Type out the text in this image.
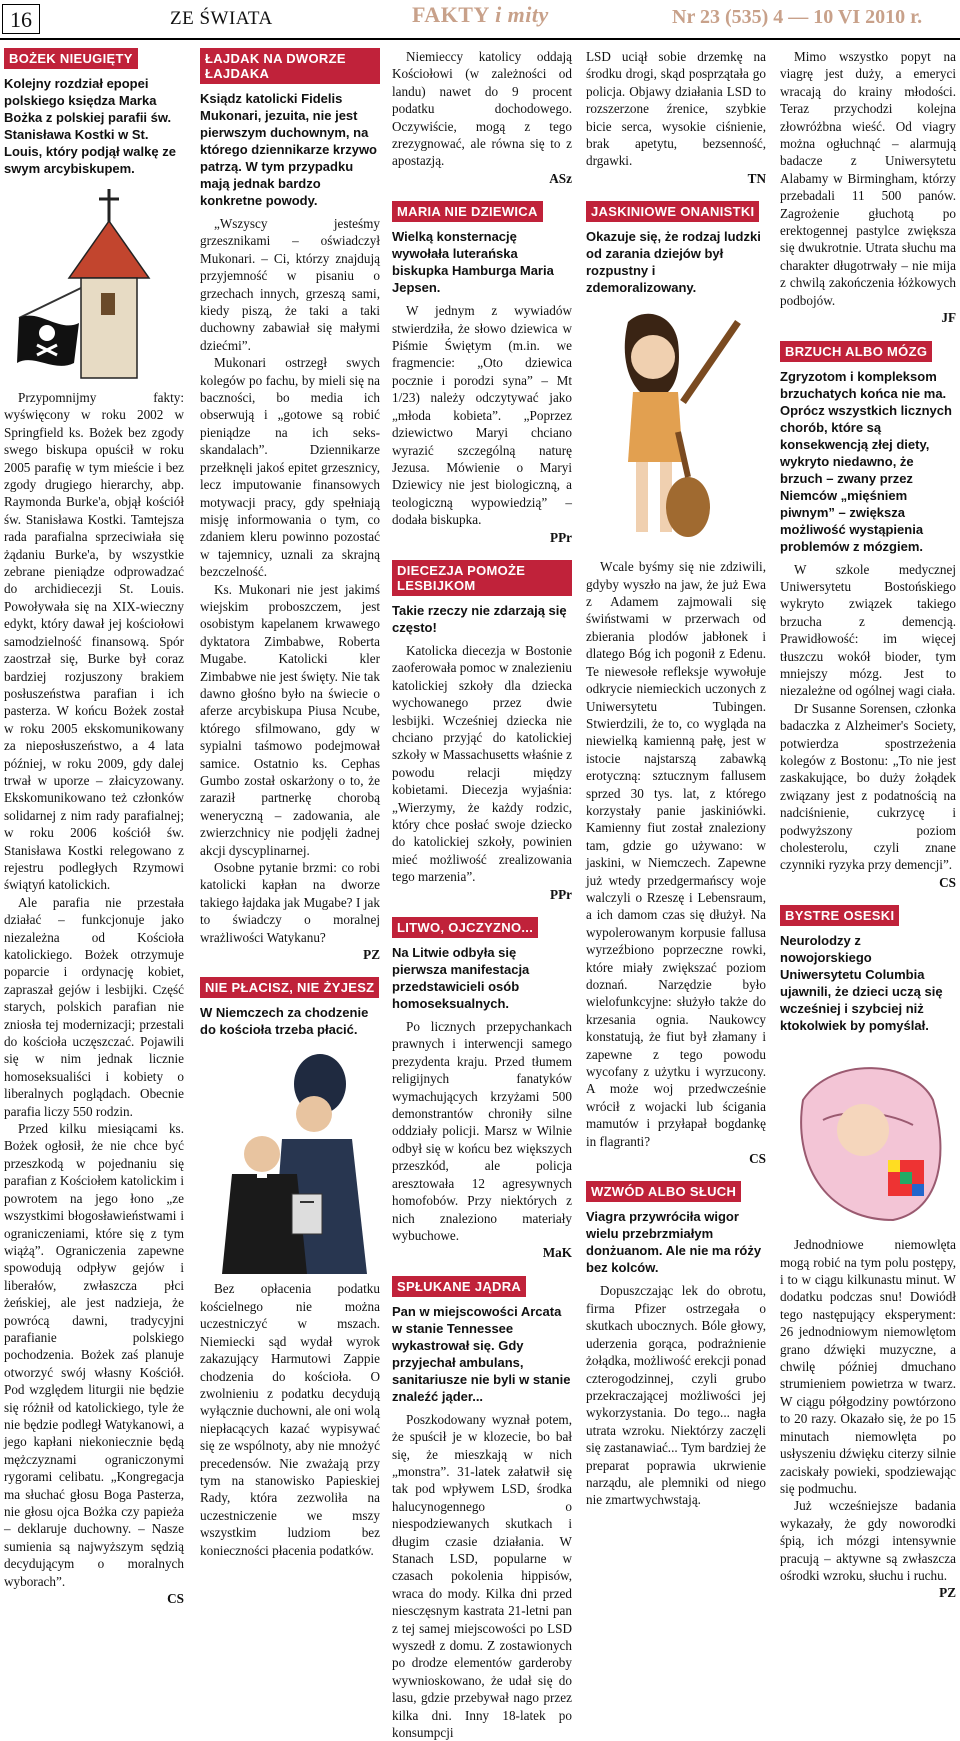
16	ZE ŚWIATA	FAKTY i mity	Nr 23 (535) 4 — 10 VI 2010 r.
BOŻEK NIEUGIĘTY
Kolejny rozdział epopei polskiego księdza Marka Bożka z polskiej parafii św. Stanisława Kostki w St. Louis, który podjął walkę ze swym arcybiskupem.

Przypomnijmy fakty: wyświęcony w roku 2002 w Springfield ks. Bożek bez zgody swego biskupa opuścił w roku 2005 parafię w tym mieście i bez zgody drugiego hierarchy, abp. Raymonda Burke'a, objął kościół św. Stanisława Kostki. Tamtejsza rada parafialna sprzeciwiała się żądaniu Burke'a, by wszystkie zebrane pieniądze odprowadzać do archidiecezji St. Louis. Powoływała się na XIX-wieczny edykt, który dawał jej kościołowi samodzielność finansową. Spór zaostrzał się, Burke był coraz bardziej rozjuszony brakiem posłuszeństwa parafian i ich pasterza. W końcu Bożek został w roku 2005 ekskomunikowany za nieposłuszeństwo, a 4 lata później, w roku 2009, gdy dalej trwał w uporze – złaicyzowany. Ekskomunikowano też członków solidarnej z nim rady parafialnej; w roku 2006 kościół św. Stanisława Kostki relegowano z rejestru podległych Rzymowi świątyń katolickich.

Ale parafia nie przestała działać – funkcjonuje jako niezależna od Kościoła katolickiego. Bożek otrzymuje poparcie i ordynację kobiet, zapraszał gejów i lesbijki. Część starych, polskich parafian nie zniosła tej modernizacji; przestali do kościoła uczęszczać. Pojawili się w nim jednak licznie homoseksualiści i kobiety o liberalnych poglądach. Obecnie parafia liczy 550 rodzin.

Przed kilku miesiącami ks. Bożek ogłosił, że nie chce być przeszkodą w pojednaniu się parafian z Kościołem katolickim i powrotem na jego łono „ze wszystkimi błogosławieństwami i ograniczeniami, które się z tym wiążą”. Ograniczenia zapewne spowodują odpływ gejów i liberałów, zwłaszcza płci żeńskiej, ale jest nadzieja, że powrócą dawni, tradycyjni parafianie polskiego pochodzenia. Bożek zaś planuje otworzyć swój własny Kościół. Pod względem liturgii nie będzie się różnił od katolickiego, tyle że nie będzie podległ Watykanowi, a jego kapłani niekoniecznie będą mężczyznami ograniczonymi rygorami celibatu. „Kongregacja ma słuchać głosu Boga Pasterza, nie głosu ojca Bożka czy papieża – deklaruje duchowny. – Nasze sumienia są najwyższym sędzią decydującym o moralnych wyborach”.

CS
ŁAJDAK NA DWORZE ŁAJDAKA
Ksiądz katolicki Fidelis Mukonari, jezuita, nie jest pierwszym duchownym, na którego dziennikarze krzywo patrzą. W tym przypadku mają jednak bardzo konkretne powody.

„Wszyscy jesteśmy grzesznikami – oświadczył Mukonari. – Ci, którzy znajdują przyjemność w pisaniu o grzechach innych, grzeszą sami, kiedy piszą, że taki a taki duchowny zabawiał się małymi dziećmi”.

Mukonari ostrzegł swych kolegów po fachu, by mieli się na baczności, bo media ich obserwują i „gotowe są robić pieniądze na ich seks-skandalach”. Dziennikarze przełknęli jakoś epitet grzesznicy, lecz imputowanie finansowych motywacji pracy, gdy spełniają misję informowania o tym, co zdaniem kleru powinno pozostać w tajemnicy, uznali za skrajną bezczelność.

Ks. Mukonari nie jest jakimś wiejskim proboszczem, jest osobistym kapelanem krwawego dyktatora Zimbabwe, Roberta Mugabe. Katolicki kler Zimbabwe nie jest święty. Nie tak dawno głośno było na świecie o aferze arcybiskupa Piusa Ncube, którego sfilmowano, gdy w sypialni taśmowo podejmował samice. Ostatnio ks. Cephas Gumbo został oskarżony o to, że zaraził partnerkę chorobą weneryczną – zadowania, ale zwierzchnicy nie podjęli żadnej akcji dyscyplinarnej.

Osobne pytanie brzmi: co robi katolicki kapłan na dworze takiego łajdaka jak Mugabe? I jak to świadczy o moralnej wrażliwości Watykanu?

PZ
NIE PŁACISZ, NIE ŻYJESZ
W Niemczech za chodzenie do kościoła trzeba płacić.

Bez opłacenia podatku kościelnego nie można uczestniczyć w mszach. Niemiecki sąd wydał wyrok zakazujący Harmutowi Zappie chodzenia do kościoła. O zwolnieniu z podatku decydują wyłącznie duchowni, ale oni wolą niepłacących kazać wypisywać się ze wspólnoty, aby nie mnożyć precedensów. Nie zważają przy tym na stanowisko Papieskiej Rady, która zezwoliła na uczestniczenie we mszy wszystkim ludziom bez konieczności płacenia podatków.

Niemieccy katolicy oddają Kościołowi (w zależności od landu) nawet do 9 procent podatku dochodowego. Oczywiście, mogą z tego zrezygnować, ale równa się to z apostazją.

ASz
MARIA NIE DZIEWICA
Wielką konsternację wywołała luterańska biskupka Hamburga Maria Jepsen.

W jednym z wywiadów stwierdziła, że słowo dziewica w Piśmie Świętym (m.in. we fragmencie: „Oto dziewica pocznie i porodzi syna” – Mt 1/23) należy odczytywać jako „młoda kobieta”. „Poprzez dziewictwo Maryi chciano wyrazić szczególną naturę Jezusa. Mówienie o Maryi Dziewicy nie jest biologiczną, a teologiczną wypowiedzią” – dodała biskupka.

PPr
DIECEZJA POMOŻE LESBIJKOM
Takie rzeczy nie zdarzają się często!

Katolicka diecezja w Bostonie zaoferowała pomoc w znalezieniu katolickiej szkoły dla dziecka wychowanego przez dwie lesbijki. Wcześniej dziecka nie chciano przyjąć do katolickiej szkoły w Massachusetts właśnie z powodu relacji między kobietami. Diecezja wyjaśnia: „Wierzymy, że każdy rodzic, który chce posłać swoje dziecko do katolickiej szkoły, powinien mieć możliwość zrealizowania tego marzenia”.

PPr
LITWO, OJCZYZNO...
Na Litwie odbyła się pierwsza manifestacja przedstawicieli osób homoseksualnych.

Po licznych przepychankach prawnych i interwencji samego prezydenta kraju. Przed tłumem religijnych fanatyków wymachujących krzyżami 500 demonstrantów chroniły silne oddziały policji. Marsz w Wilnie odbył się w końcu bez większych przeszkód, ale policja aresztowała 12 agresywnych homofobów. Przy niektórych z nich znaleziono materiały wybuchowe.

MaK
SPŁUKANE JĄDRA
Pan w miejscowości Arcata w stanie Tennessee wykastrował się. Gdy przyjechał ambulans, sanitariusze nie byli w stanie znaleźć jąder...

Poszkodowany wyznał potem, że spuścił je w klozecie, bo bał się, że mieszkają w nich „monstra”. 31-latek załatwił się tak pod wpływem LSD, środka halucynogennego o niespodziewanych skutkach i długim czasie działania. W Stanach LSD, popularne w czasach pokolenia hippisów, wraca do mody. Kilka dni przed niesczęsnym kastrata 21-letni pan z tej samej miejscowości po LSD wyszedł z domu. Z zostawionych po drodze elementów garderoby wywnioskowano, że udał się do lasu, gdzie przebywał nago przez kilka dni. Inny 18-latek po konsumpcji

LSD uciął sobie drzemkę na środku drogi, skąd posprzątała go policja. Objawy działania LSD to rozszerzone źrenice, szybkie bicie serca, wysokie ciśnienie, brak apetytu, bezsenność, drgawki.

TN
JASKINIOWE ONANISTKI
Okazuje się, że rodzaj ludzki od zarania dziejów był rozpustny i zdemoralizowany.

Wcale byśmy się nie zdziwili, gdyby wyszło na jaw, że już Ewa z Adamem zajmowali się świństwami w przerwach od zbierania plodów jabłonek i dlatego Bóg ich pogonił z Edenu. Te niewesołe refleksje wywołuje odkrycie niemieckich uczonych z Uniwersytetu Tubingen. Stwierdzili, że to, co wygląda na niewielką kamienną pałę, jest w istocie najstarszą zabawką erotyczną: sztucznym fallusem sprzed 30 tys. lat, z którego korzystały panie jaskiniówki. Kamienny fiut został znaleziony tam, gdzie go używano: w jaskini, w Niemczech. Zapewne już wtedy przedgermańscy woje walczyli o Rzeszę i Lebensraum, a ich damom czas się dłużył. Na wypolerowanym korpusie fallusa wyrzeźbiono poprzeczne rowki, które miały zwiększać poziom doznań. Narzędzie było wielofunkcyjne: służyło także do krzesania ognia. Naukowcy konstatują, że fiut był złamany i zapewne z tego powodu wycofany z użytku i wyrzucony. A może woj przedwcześnie wrócił z wojacki lub ścigania mamutów i przyłapał bogdankę in flagranti?

CS
WZWÓD ALBO SŁUCH
Viagra przywróciła wigor wielu przebrzmiałym donżuanom. Ale nie ma róży bez kolców.

Dopuszczając lek do obrotu, firma Pfizer ostrzegała o skutkach ubocznych. Bóle głowy, uderzenia gorąca, podrażnienie żołądka, możliwość erekcji ponad czterogodzinnej, czyli grubo przekraczającej możliwości jej wykorzystania. Do tego... nagła utrata wzroku. Niektórzy zaczęli się zastanawiać... Tym bardziej że preparat poprawia ukrwienie narządu, ale plemniki od niego nie zmartwychwstają.

Mimo wszystko popyt na viagrę jest duży, a emeryci wracają do krainy młodości. Teraz przychodzi kolejna złowróżbna wieść. Od viagry można ogłuchnąć – alarmują badacze z Uniwersytetu Alabamy w Birmingham, którzy przebadali 11 500 panów. Zagrożenie głuchotą po erektogennej pastylce zwiększa się dwukrotnie. Utrata słuchu ma charakter długotrwały – nie mija z chwilą zakończenia łóżkowych podbojów.

JF
BRZUCH ALBO MÓZG
Zgryzotom i kompleksom brzuchatych końca nie ma. Oprócz wszystkich licznych chorób, które są konsekwencją złej diety, wykryto niedawno, że brzuch – zwany przez Niemców „mięśniem piwnym” – zwiększa możliwość wystąpienia problemów z mózgiem.

W szkole medycznej Uniwersytetu Bostońskiego wykryto związek takiego brzucha z demencją. Prawidłowość: im więcej tłuszczu wokół bioder, tym mniejszy mózg. Jest to niezależne od ogólnej wagi ciała.

Dr Susanne Sorensen, członka badaczka z Alzheimer's Society, potwierdza spostrzeżenia kolegów z Bostonu: „To nie jest zaskakujące, bo duży żołądek związany jest z podatnością na nadciśnienie, cukrzycę i podwyższony poziom cholesterolu, czyli znane czynniki ryzyka przy demencji”.

CS
BYSTRE OSESKI
Neurolodzy z nowojorskiego Uniwersytetu Columbia ujawnili, że dzieci uczą się wcześniej i szybciej niż ktokolwiek by pomyślał.

Jednodniowe niemowlęta mogą robić na tym polu postępy, i to w ciągu kilkunastu minut. W dodatku podczas snu! Dowiódł tego następujący eksperyment: 26 jednodniowym niemowlętom grano dźwięki muzyczne, a chwilę później dmuchano strumieniem powietrza w twarz. W ciągu półgodziny powtórzono to 20 razy. Okazało się, że po 15 minutach niemowlęta po usłyszeniu dźwięku citerzy silnie zaciskały powieki, spodziewając się podmuchu.

Już wcześniejsze badania wykazały, że gdy noworodki śpią, ich mózgi intensywnie pracują – aktywne są zwłaszcza ośrodki wzroku, słuchu i ruchu.

PZ
